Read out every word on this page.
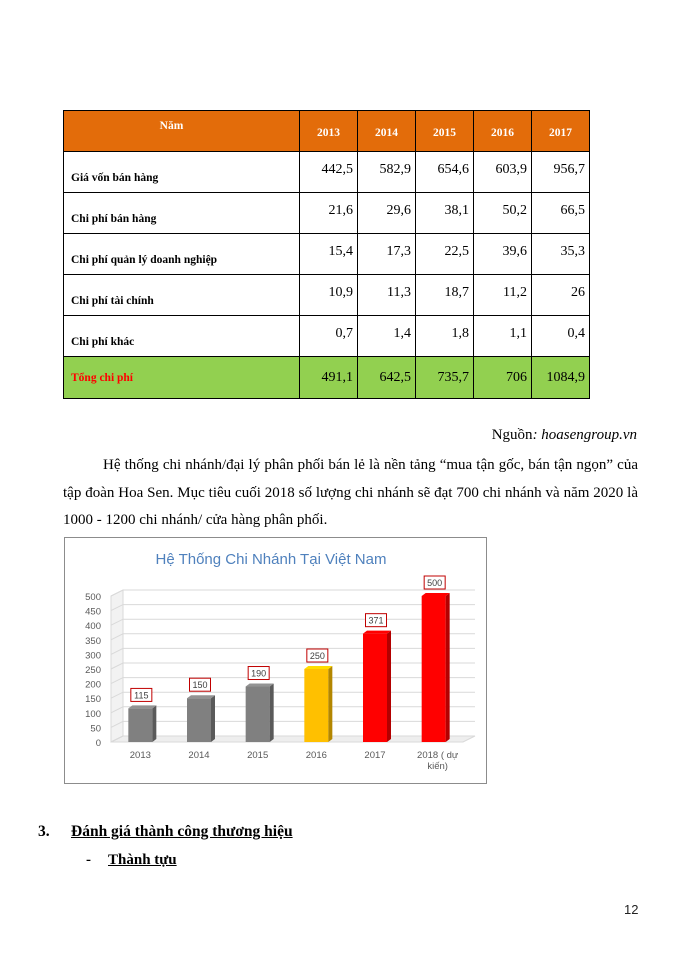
Năm	2013	2014	2015	2016	2017
Giá vốn bán hàng	442,5	582,9	654,6	603,9	956,7
Chi phí bán hàng	21,6	29,6	38,1	50,2	66,5
Chi phí quản lý doanh nghiệp	15,4	17,3	22,5	39,6	35,3
Chi phí tài chính	10,9	11,3	18,7	11,2	26
Chi phí khác	0,7	1,4	1,8	1,1	0,4
Tổng chi phí	491,1	642,5	735,7	706	1084,9
Nguồn: hoasengroup.vn

Hệ thống chi nhánh/đại lý phân phối bán lẻ là nền tảng “mua tận gốc, bán tận ngọn” của tập đoàn Hoa Sen. Mục tiêu cuối 2018 số lượng chi nhánh sẽ đạt 700 chi nhánh và năm 2020 là 1000 - 1200 chi nhánh/ cửa hàng phân phối.

Hệ Thống Chi Nhánh Tại Việt Nam
0
50
100
150
200
250
300
350
400
450
500
115
2013
150
2014
190
2015
250
2016
371
2017
500
2018 ( dự
kiến)
3. Đánh giá thành công thương hiệu
- Thành tựu
12
